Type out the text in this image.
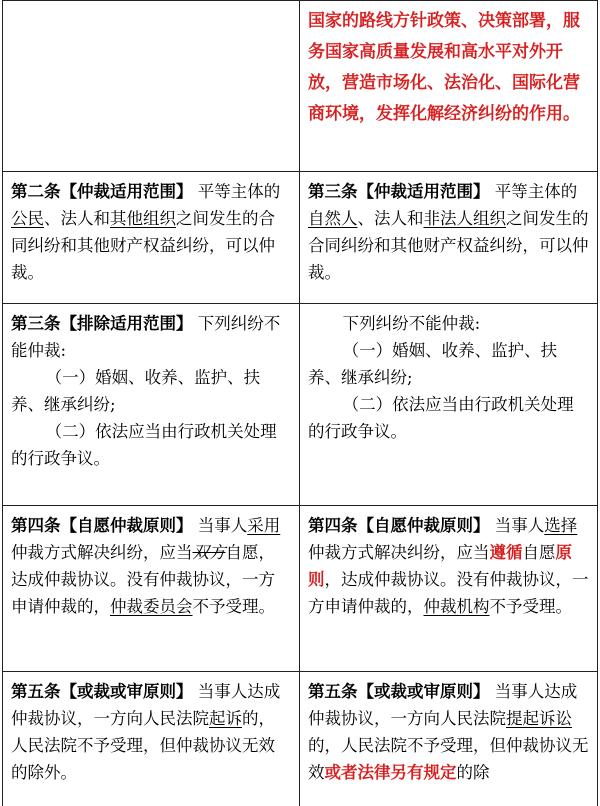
国家的路线方针政策、决策部署，服务国家高质量发展和高水平对外开放，营造市场化、法治化、国际化营商环境，发挥化解经济纠纷的作用。

第二条【仲裁适用范围】 平等主体的公民、法人和其他组织之间发生的合同纠纷和其他财产权益纠纷，可以仲裁。

第三条【仲裁适用范围】 平等主体的自然人、法人和非法人组织之间发生的合同纠纷和其他财产权益纠纷，可以仲裁。

第三条【排除适用范围】 下列纠纷不能仲裁:

（一）婚姻、收养、监护、扶养、继承纠纷;

（二）依法应当由行政机关处理的行政争议。

下列纠纷不能仲裁:

（一）婚姻、收养、监护、扶养、继承纠纷;

（二）依法应当由行政机关处理的行政争议。

第四条【自愿仲裁原则】 当事人采用仲裁方式解决纠纷，应当双方自愿，达成仲裁协议。没有仲裁协议，一方申请仲裁的，仲裁委员会不予受理。

第四条【自愿仲裁原则】 当事人选择仲裁方式解决纠纷，应当遵循自愿原则，达成仲裁协议。没有仲裁协议，一方申请仲裁的，仲裁机构不予受理。

第五条【或裁或审原则】 当事人达成仲裁协议，一方向人民法院起诉的，人民法院不予受理，但仲裁协议无效的除外。

第五条【或裁或审原则】 当事人达成仲裁协议，一方向人民法院提起诉讼的，人民法院不予受理，但仲裁协议无效或者法律另有规定的除
